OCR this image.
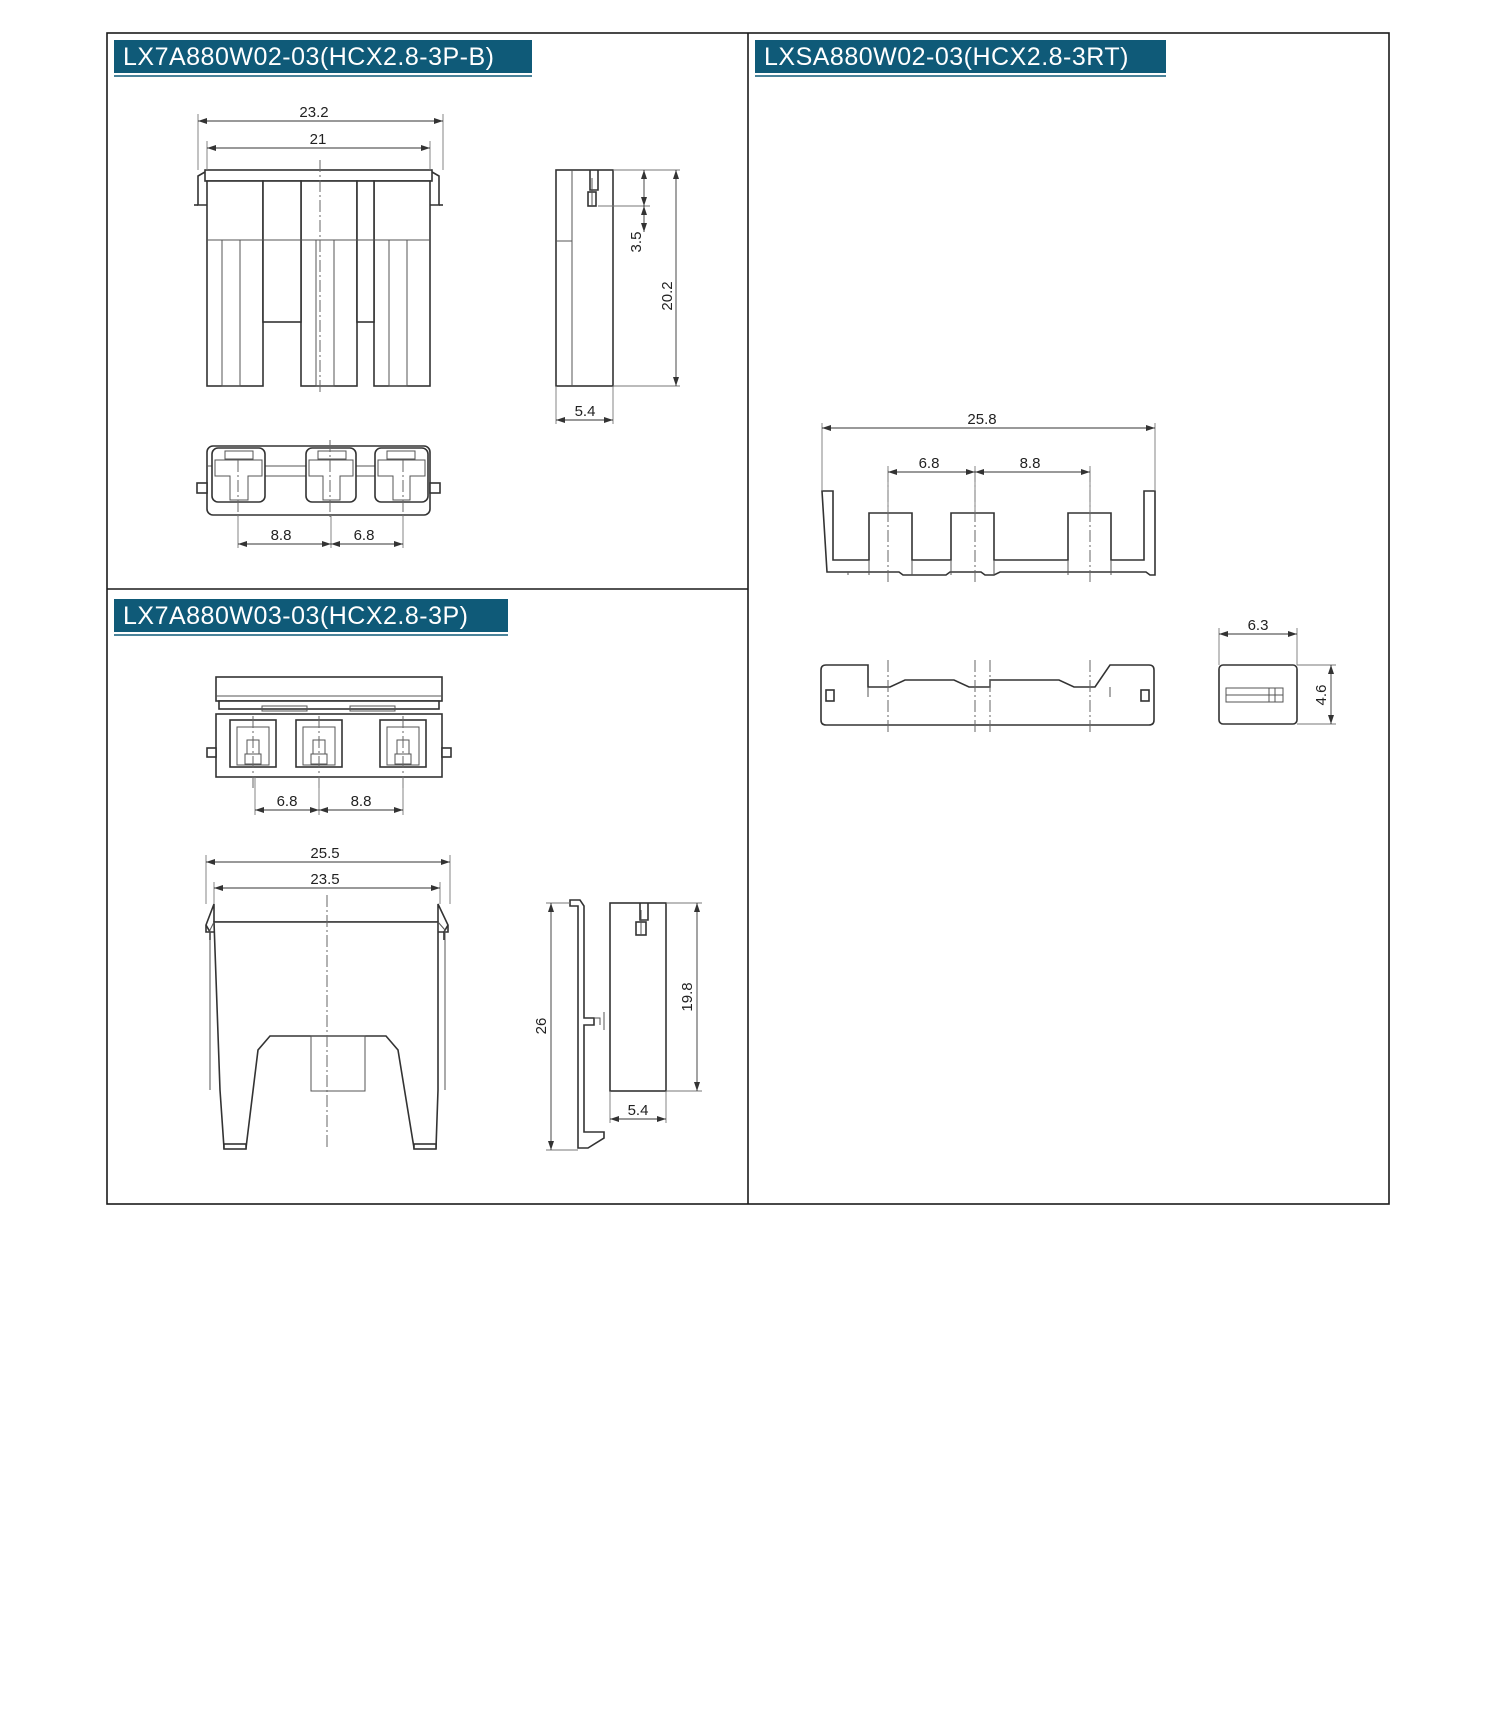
LX7A880W02-03(HCX2.8-3P-B)
LX7A880W03-03(HCX2.8-3P)
LXSA880W02-03(HCX2.8-3RT)
23.2
21
20.2
3.5
5.4
8.8	6.8
6.8	8.8
25.5
23.5
26
19.8
5.4
25.8
6.8	8.8
6.3
4.6
